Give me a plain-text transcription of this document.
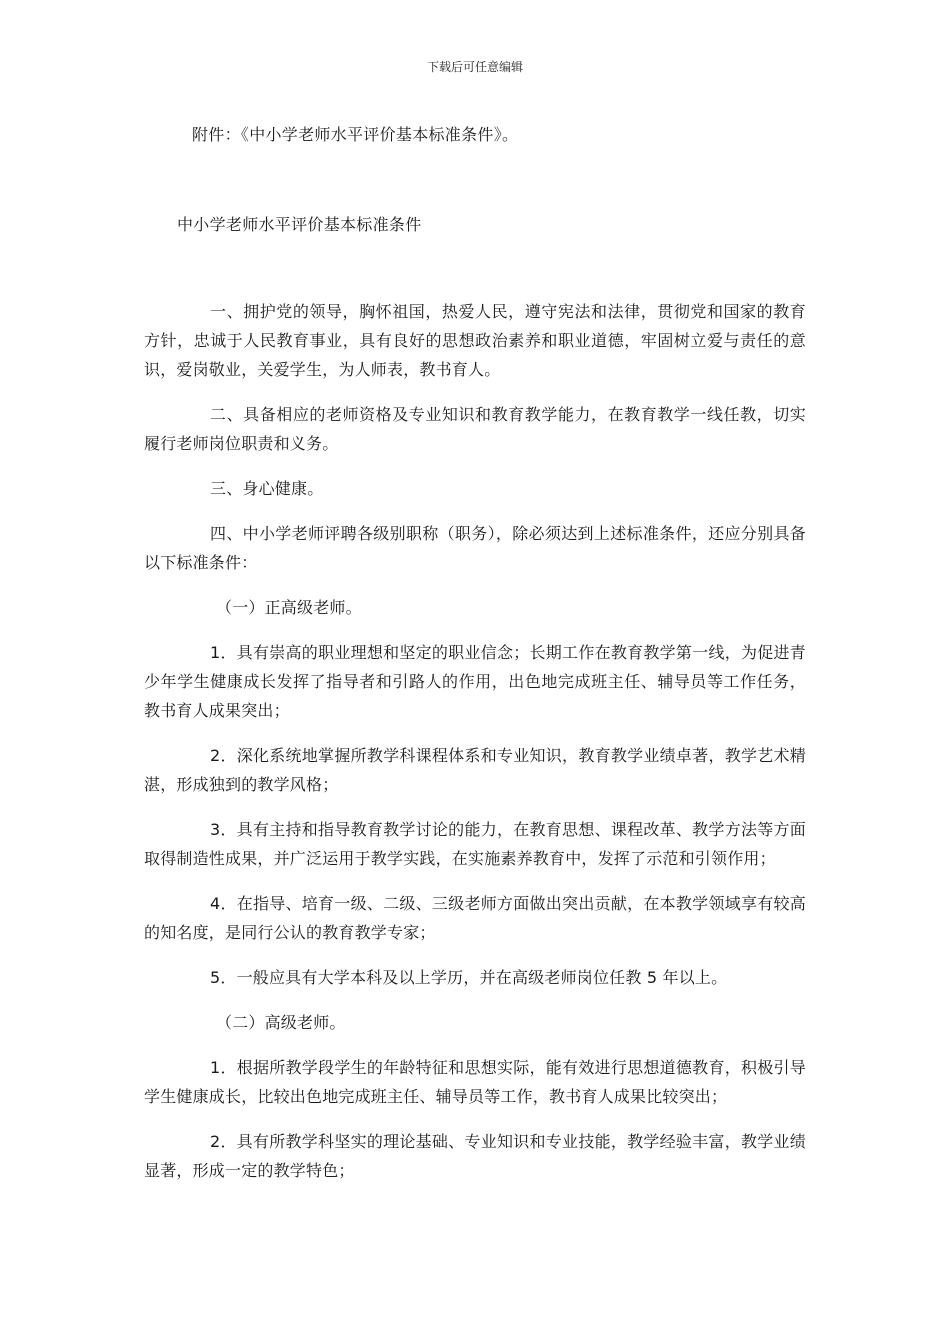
下载后可任意编辑
附件：《中小学老师水平评价基本标准条件》。
中小学老师水平评价基本标准条件

一、拥护党的领导，胸怀祖国，热爱人民，遵守宪法和法律，贯彻党和国家的教育方针，忠诚于人民教育事业，具有良好的思想政治素养和职业道德，牢固树立爱与责任的意识，爱岗敬业，关爱学生，为人师表，教书育人。

二、具备相应的老师资格及专业知识和教育教学能力，在教育教学一线任教，切实履行老师岗位职责和义务。

三、身心健康。

四、中小学老师评聘各级别职称（职务），除必须达到上述标准条件，还应分别具备以下标准条件：

（一）正高级老师。

1．具有崇高的职业理想和坚定的职业信念；长期工作在教育教学第一线，为促进青少年学生健康成长发挥了指导者和引路人的作用，出色地完成班主任、辅导员等工作任务，教书育人成果突出；

2．深化系统地掌握所教学科课程体系和专业知识，教育教学业绩卓著，教学艺术精湛，形成独到的教学风格；

3．具有主持和指导教育教学讨论的能力，在教育思想、课程改革、教学方法等方面取得制造性成果，并广泛运用于教学实践，在实施素养教育中，发挥了示范和引领作用；

4．在指导、培育一级、二级、三级老师方面做出突出贡献，在本教学领域享有较高的知名度，是同行公认的教育教学专家；

5．一般应具有大学本科及以上学历，并在高级老师岗位任教 5 年以上。

（二）高级老师。

1．根据所教学段学生的年龄特征和思想实际，能有效进行思想道德教育，积极引导学生健康成长，比较出色地完成班主任、辅导员等工作，教书育人成果比较突出；

2．具有所教学科坚实的理论基础、专业知识和专业技能，教学经验丰富，教学业绩显著，形成一定的教学特色；
